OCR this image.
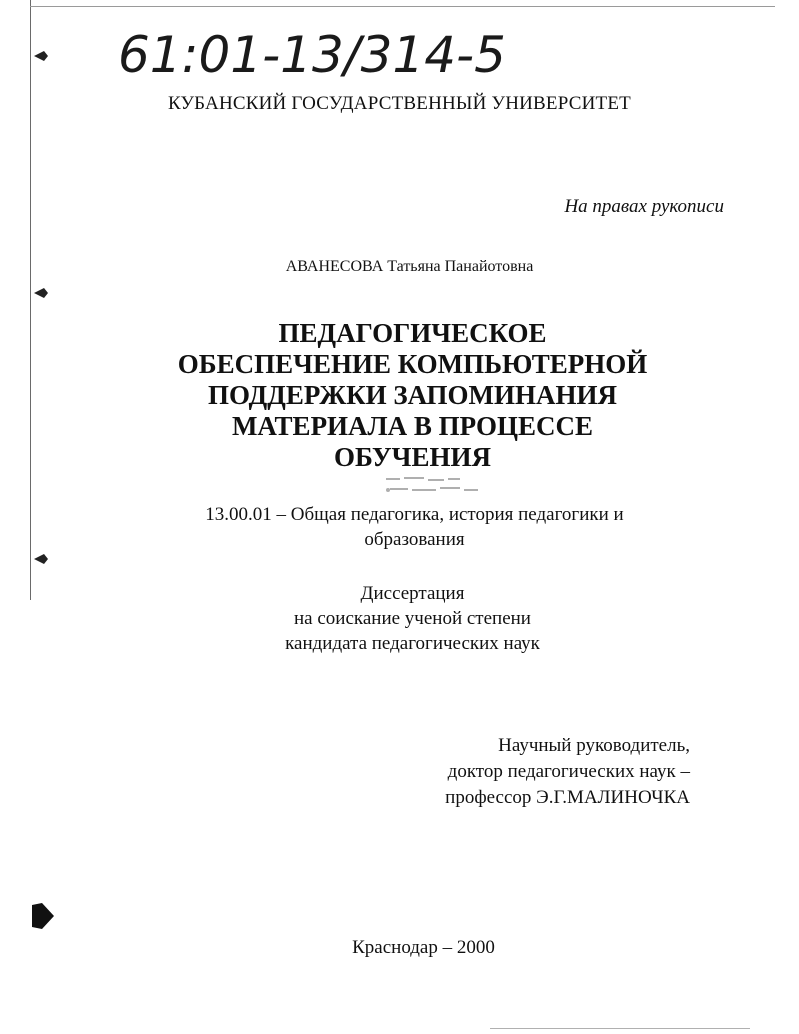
61:01-13/314-5
КУБАНСКИЙ ГОСУДАРСТВЕННЫЙ УНИВЕРСИТЕТ
На правах рукописи
АВАНЕСОВА Татьяна Панайотовна
ПЕДАГОГИЧЕСКОЕ
ОБЕСПЕЧЕНИЕ КОМПЬЮТЕРНОЙ
ПОДДЕРЖКИ ЗАПОМИНАНИЯ
МАТЕРИАЛА В ПРОЦЕССЕ
ОБУЧЕНИЯ
13.00.01 – Общая педагогика, история педагогики и
образования
Диссертация
на соискание ученой степени
кандидата педагогических наук
Научный руководитель,
доктор педагогических наук –
профессор Э.Г.МАЛИНОЧКА
Краснодар – 2000
